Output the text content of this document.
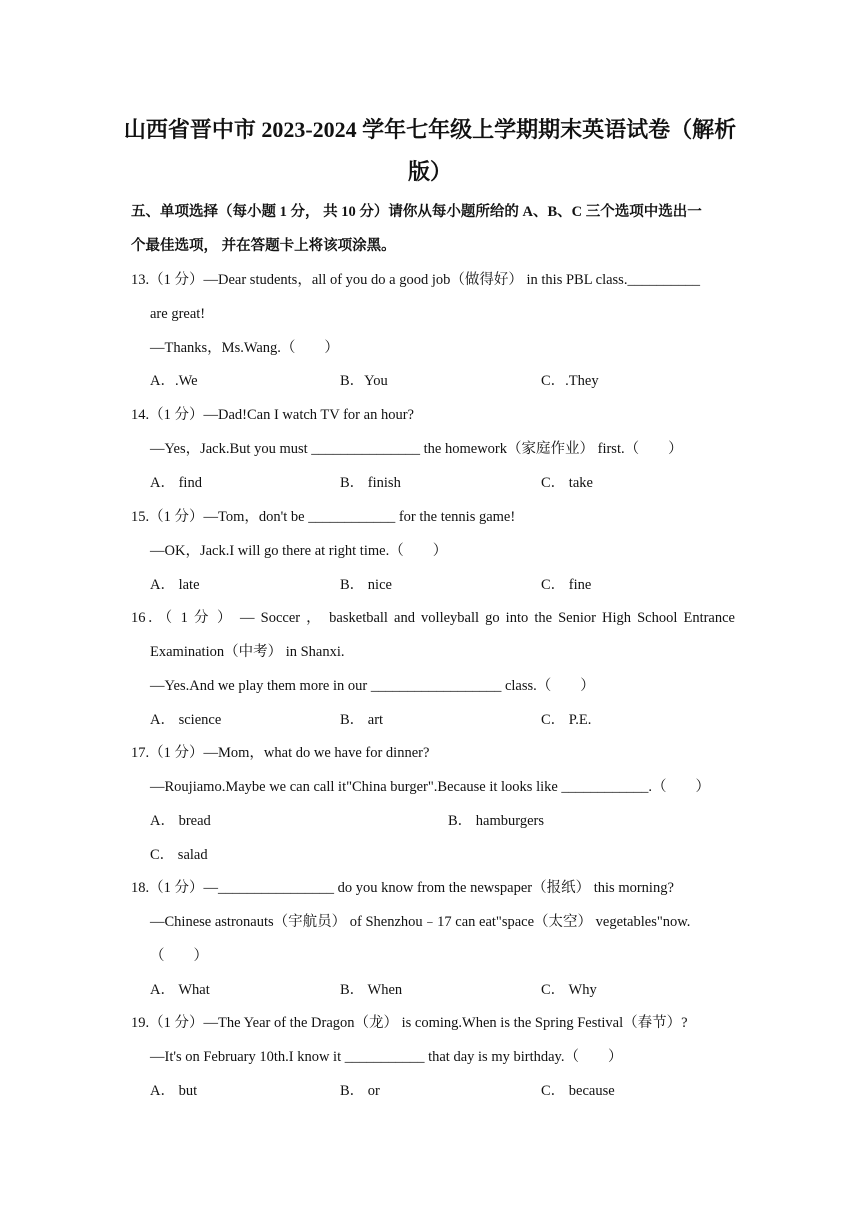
山西省晋中市 2023-2024 学年七年级上学期期末英语试卷（解析
版）
五、单项选择（每小题 1 分， 共 10 分）请你从每小题所给的 A、B、C 三个选项中选出一
个最佳选项， 并在答题卡上将该项涂黑。
13.（1 分）—Dear students，all of you do a good job（做得好） in this PBL class.__________
are great!
—Thanks，Ms.Wang.（　　）
A．.We	B．You	C．.They
14.（1 分）—Dad!Can I watch TV for an hour?
—Yes，Jack.But you must _______________ the homework（家庭作业） first.（　　）
A． find	B． finish	C． take
15.（1 分）—Tom，don't be ____________ for the tennis game!
—OK，Jack.I will go there at right time.（　　）
A． late	B． nice	C． fine
16．（ 1 分 ） — Soccer ， basketball and volleyball go into the Senior High School Entrance
Examination（中考） in Shanxi.
—Yes.And we play them more in our __________________ class.（　　）
A． science	B． art	C． P.E.
17.（1 分）—Mom，what do we have for dinner?
—Roujiamo.Maybe we can call it"China burger".Because it looks like ____________.（　　）
A． bread	B． hamburgers
C． salad
18.（1 分）—________________ do you know from the newspaper（报纸） this morning?
—Chinese astronauts（宇航员） of Shenzhou﹣17 can eat"space（太空） vegetables"now.
（　　）
A． What	B． When	C． Why
19.（1 分）—The Year of the Dragon（龙） is coming.When is the Spring Festival（春节）?
—It's on February 10th.I know it ___________ that day is my birthday.（　　）
A． but	B． or	C． because
